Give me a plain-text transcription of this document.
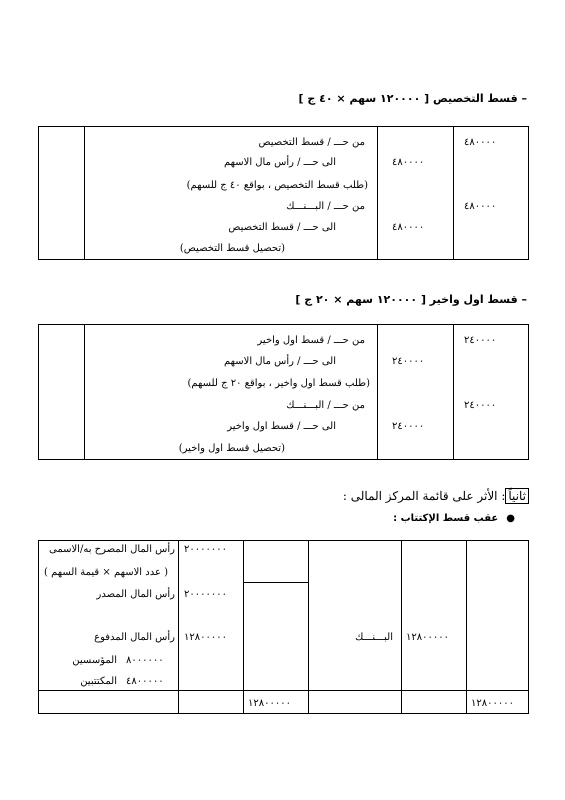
– قسط التخصيص [ ١٢٠٠٠٠ سهم × ٤٠ ج ]
٤٨٠٠٠٠
من حـــ / قسط التخصيص
٤٨٠٠٠٠
الى حـــ / رأس مال الاسهم
(طلب قسط التخصيص ، بواقع ٤٠ ج للسهم)
٤٨٠٠٠٠
من حـــ / البـــنـــك
٤٨٠٠٠٠
الى حـــ / قسط التخصيص
(تحصيل قسط التخصيص)
– قسط اول واخير [ ١٢٠٠٠٠ سهم × ٢٠ ج ]
٢٤٠٠٠٠
من حـــ / قسط اول واخير
٢٤٠٠٠٠
الى حـــ / رأس مال الاسهم
(طلب قسط اول واخير ، بواقع ٢٠ ج للسهم)
٢٤٠٠٠٠
من حـــ / البـــنـــك
٢٤٠٠٠٠
الى حـــ / قسط اول واخير
(تحصيل قسط اول واخير)
ثانياً: الأثر على قائمة المركز المالى :
●عقب قسط الإكتتاب :
٢٠٠٠٠٠٠٠
رأس المال المصرح به/الاسمى
( عدد الاسهم × قيمة السهم )
٢٠٠٠٠٠٠٠
رأس المال المصدر
١٢٨٠٠٠٠٠
رأس المال المدفوع
٨٠٠٠٠٠٠
المؤسسين
٤٨٠٠٠٠٠
المكتتبين
البـــنـــك ١٢٨٠٠٠٠٠
١٢٨٠٠٠٠٠	١٢٨٠٠٠٠٠
